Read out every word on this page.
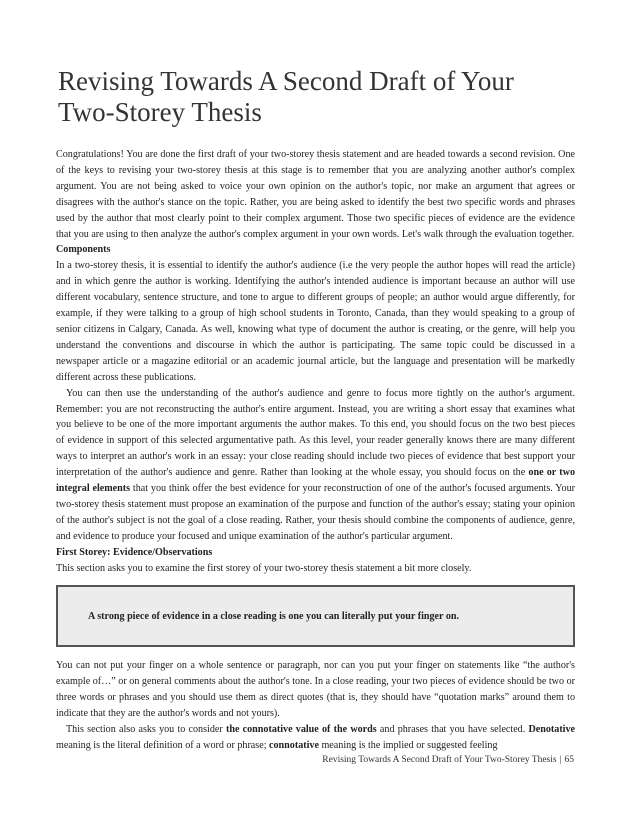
Revising Towards A Second Draft of Your
Two-Storey Thesis

Congratulations! You are done the first draft of your two-storey thesis statement and are headed towards a second revision. One of the keys to revising your two-storey thesis at this stage is to remember that you are analyzing another author's complex argument. You are not being asked to voice your own opinion on the author's topic, nor make an argument that agrees or disagrees with the author's stance on the topic. Rather, you are being asked to identify the best two specific words and phrases used by the author that most clearly point to their complex argument. Those two specific pieces of evidence are the evidence that you are using to then analyze the author's complex argument in your own words. Let's walk through the evaluation together.

Components

In a two-storey thesis, it is essential to identify the author's audience (i.e the very people the author hopes will read the article) and in which genre the author is working. Identifying the author's intended audience is important because an author will use different vocabulary, sentence structure, and tone to argue to different groups of people; an author would argue differently, for example, if they were talking to a group of high school students in Toronto, Canada, than they would speaking to a group of senior citizens in Calgary, Canada. As well, knowing what type of document the author is creating, or the genre, will help you understand the conventions and discourse in which the author is participating. The same topic could be discussed in a newspaper article or a magazine editorial or an academic journal article, but the language and presentation will be markedly different across these publications.

You can then use the understanding of the author's audience and genre to focus more tightly on the author's argument. Remember: you are not reconstructing the author's entire argument. Instead, you are writing a short essay that examines what you believe to be one of the more important arguments the author makes. To this end, you should focus on the two best pieces of evidence in support of this selected argumentative path. As this level, your reader generally knows there are many different ways to interpret an author's work in an essay: your close reading should include two pieces of evidence that best support your interpretation of the author's audience and genre. Rather than looking at the whole essay, you should focus on the one or two integral elements that you think offer the best evidence for your reconstruction of one of the author's focused arguments. Your two-storey thesis statement must propose an examination of the purpose and function of the author's essay; stating your opinion of the author's subject is not the goal of a close reading. Rather, your thesis should combine the components of audience, genre, and evidence to produce your focused and unique examination of the author's particular argument.

First Storey: Evidence/Observations

This section asks you to examine the first storey of your two-storey thesis statement a bit more closely.

A strong piece of evidence in a close reading is one you can literally put your finger on.

You can not put your finger on a whole sentence or paragraph, nor can you put your finger on statements like “the author's example of…” or on general comments about the author's tone. In a close reading, your two pieces of evidence should be two or three words or phrases and you should use them as direct quotes (that is, they should have “quotation marks” around them to indicate that they are the author's words and not yours).

This section also asks you to consider the connotative value of the words and phrases that you have selected. Denotative meaning is the literal definition of a word or phrase; connotative meaning is the implied or suggested feeling

Revising Towards A Second Draft of Your Two-Storey Thesis | 65
